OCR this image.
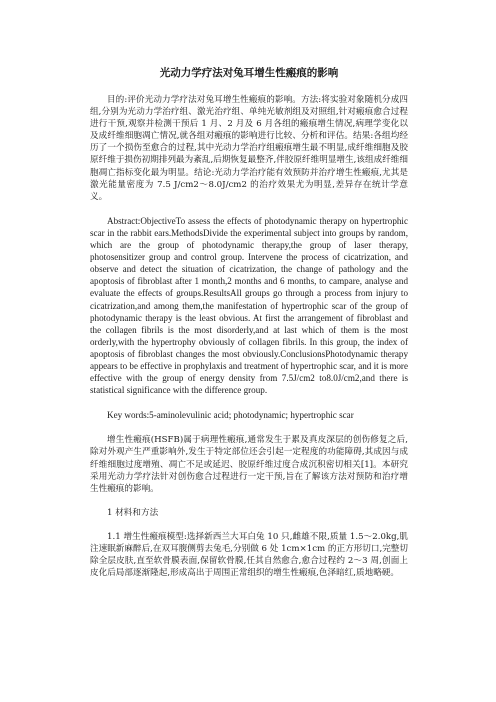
光动力学疗法对兔耳增生性瘢痕的影响

目的:评价光动力学疗法对兔耳增生性瘢痕的影响。方法:将实验对象随机分成四组,分别为光动力学治疗组、激光治疗组、单纯光敏剂组及对照组,针对瘢痕愈合过程进行干预,观察并检测干预后 1 月、2 月及 6 月各组的瘢痕增生情况,病理学变化以及成纤维细胞凋亡情况,就各组对瘢痕的影响进行比较、分析和评估。结果:各组均经历了一个损伤至愈合的过程,其中光动力学治疗组瘢痕增生最不明显,成纤维细胞及胶原纤维于损伤初期排列最为紊乱,后期恢复最整齐,伴胶原纤维明显增生,该组成纤维细胞凋亡指标变化最为明显。结论:光动力学治疗能有效预防并治疗增生性瘢痕,尤其是激光能量密度为 7.5 J/cm2～8.0J/cm2 的治疗效果尤为明显,差异存在统计学意义。

Abstract:ObjectiveTo assess the effects of photodynamic therapy on hypertrophic scar in the rabbit ears.MethodsDivide the experimental subject into groups by random, which are the group of photodynamic therapy,the group of laser therapy, photosensitizer group and control group. Intervene the process of cicatrization, and observe and detect the situation of cicatrization, the change of pathology and the apoptosis of fibroblast after 1 month,2 months and 6 months, to campare, analyse and evaluate the effects of groups.ResultsAll groups go through a process from injury to cicatrization,and among them,the manifestation of hypertrophic scar of the group of photodynamic therapy is the least obvious. At first the arrangement of fibroblast and the collagen fibrils is the most disorderly,and at last which of them is the most orderly,with the hypertrophy obviously of collagen fibrils. In this group, the index of apoptosis of fibroblast changes the most obviously.ConclusionsPhotodynamic therapy appears to be effective in prophylaxis and treatment of hypertrophic scar, and it is more effective with the group of energy density from 7.5J/cm2 to8.0J/cm2,and there is statistical significance with the difference group.

Key words:5-aminolevulinic acid; photodynamic; hypertrophic scar

增生性瘢痕(HSFB)属于病理性瘢痕,通常发生于累及真皮深层的创伤修复之后,除对外观产生严重影响外,发生于特定部位还会引起一定程度的功能障碍,其成因与成纤维细胞过度增殖、凋亡不足或延迟、胶原纤维过度合成沉积密切相关[1]。本研究采用光动力学疗法针对创伤愈合过程进行一定干预,旨在了解该方法对预防和治疗增生性瘢痕的影响。

1 材料和方法

1.1 增生性瘢痕模型:选择新西兰大耳白兔 10 只,雌雄不限,质量 1.5～2.0kg,肌注速眠新麻醉后,在双耳腹侧剪去兔毛,分别做 6 处 1cm×1cm 的正方形切口,完整切除全层皮肤,直至软骨膜表面,保留软骨膜,任其自然愈合,愈合过程约 2～3 周,创面上皮化后局部逐渐隆起,形成高出于周围正常组织的增生性瘢痕,色泽暗红,质地略硬。
